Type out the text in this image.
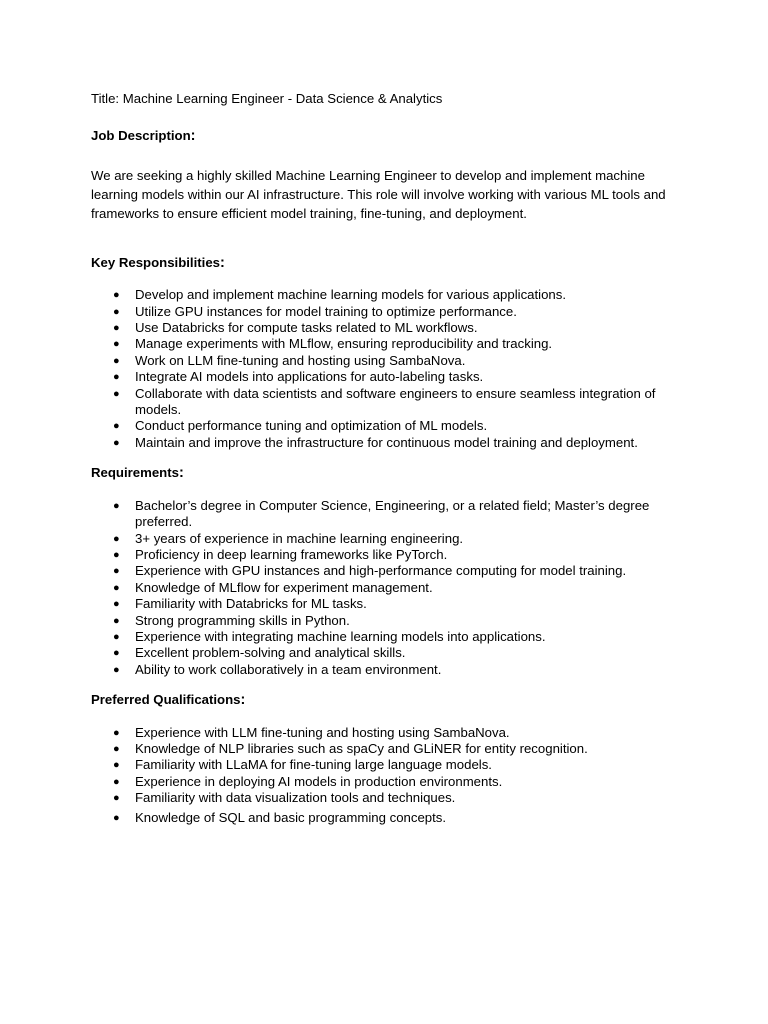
Title: Machine Learning Engineer - Data Science & Analytics

Job Description:

We are seeking a highly skilled Machine Learning Engineer to develop and implement machine learning models within our AI infrastructure. This role will involve working with various ML tools and frameworks to ensure efficient model training, fine-tuning, and deployment.

Key Responsibilities:
● Develop and implement machine learning models for various applications.
● Utilize GPU instances for model training to optimize performance.
● Use Databricks for compute tasks related to ML workflows.
● Manage experiments with MLflow, ensuring reproducibility and tracking.
● Work on LLM fine-tuning and hosting using SambaNova.
● Integrate AI models into applications for auto-labeling tasks.
● Collaborate with data scientists and software engineers to ensure seamless integration of models.
● Conduct performance tuning and optimization of ML models.
● Maintain and improve the infrastructure for continuous model training and deployment.
Requirements:
● Bachelor’s degree in Computer Science, Engineering, or a related field; Master’s degree preferred.
● 3+ years of experience in machine learning engineering.
● Proficiency in deep learning frameworks like PyTorch.
● Experience with GPU instances and high-performance computing for model training.
● Knowledge of MLflow for experiment management.
● Familiarity with Databricks for ML tasks.
● Strong programming skills in Python.
● Experience with integrating machine learning models into applications.
● Excellent problem-solving and analytical skills.
● Ability to work collaboratively in a team environment.
Preferred Qualifications:
● Experience with LLM fine-tuning and hosting using SambaNova.
● Knowledge of NLP libraries such as spaCy and GLiNER for entity recognition.
● Familiarity with LLaMA for fine-tuning large language models.
● Experience in deploying AI models in production environments.
● Familiarity with data visualization tools and techniques.
● Knowledge of SQL and basic programming concepts.
